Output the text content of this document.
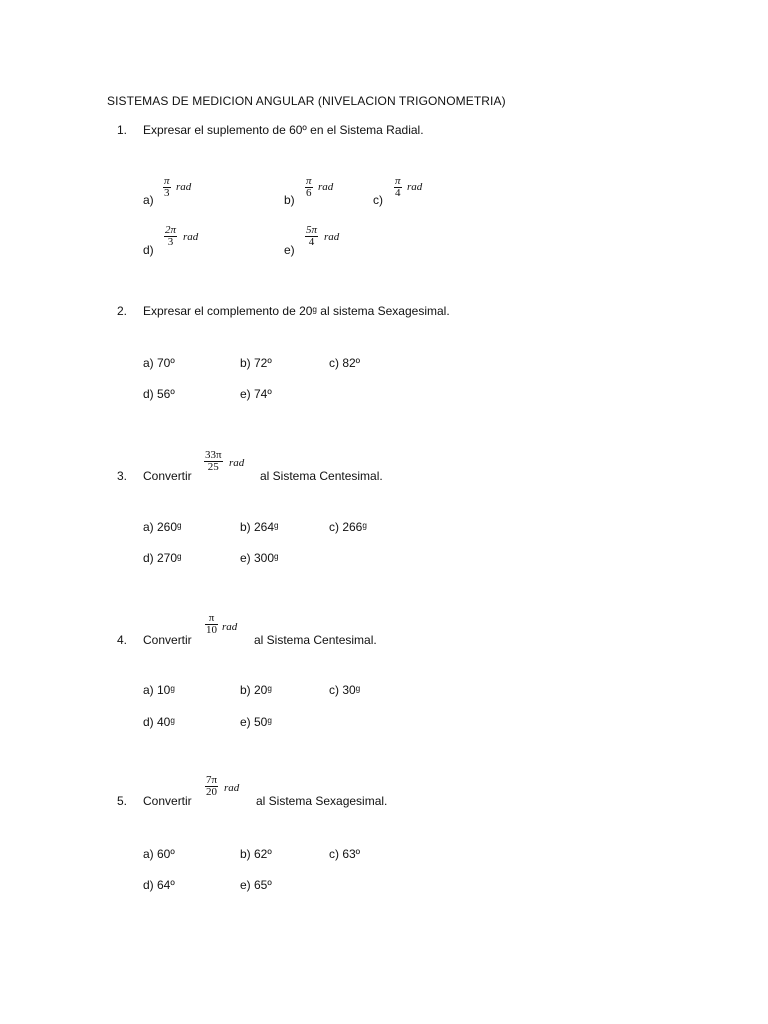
SISTEMAS DE MEDICION ANGULAR (NIVELACION TRIGONOMETRIA)
1. Expresar el suplemento de 60º en el Sistema Radial.
a)
$\frac{\pi}{3}$ rad
b)
$\frac{\pi}{6}$ rad
c)
$\frac{\pi}{4}$ rad
d)
$\frac{2\pi}{3}$ rad
e)
$\frac{5\pi}{4}$ rad
2. Expresar el complemento de 20ᵍ al sistema Sexagesimal.
a) 70º	b) 72º	c) 82º
d) 56º	e) 74º
3. Convertir
$\frac{33\pi}{25}$ rad
al Sistema Centesimal.
a) 260ᵍ	b) 264ᵍ	c) 266ᵍ
d) 270ᵍ	e) 300ᵍ
4. Convertir
$\frac{\pi}{10}$ rad
al Sistema Centesimal.
a) 10ᵍ	b) 20ᵍ	c) 30ᵍ
d) 40ᵍ	e) 50ᵍ
5. Convertir
$\frac{7\pi}{20}$ rad
al Sistema Sexagesimal.
a) 60º	b) 62º	c) 63º
d) 64º	e) 65º
